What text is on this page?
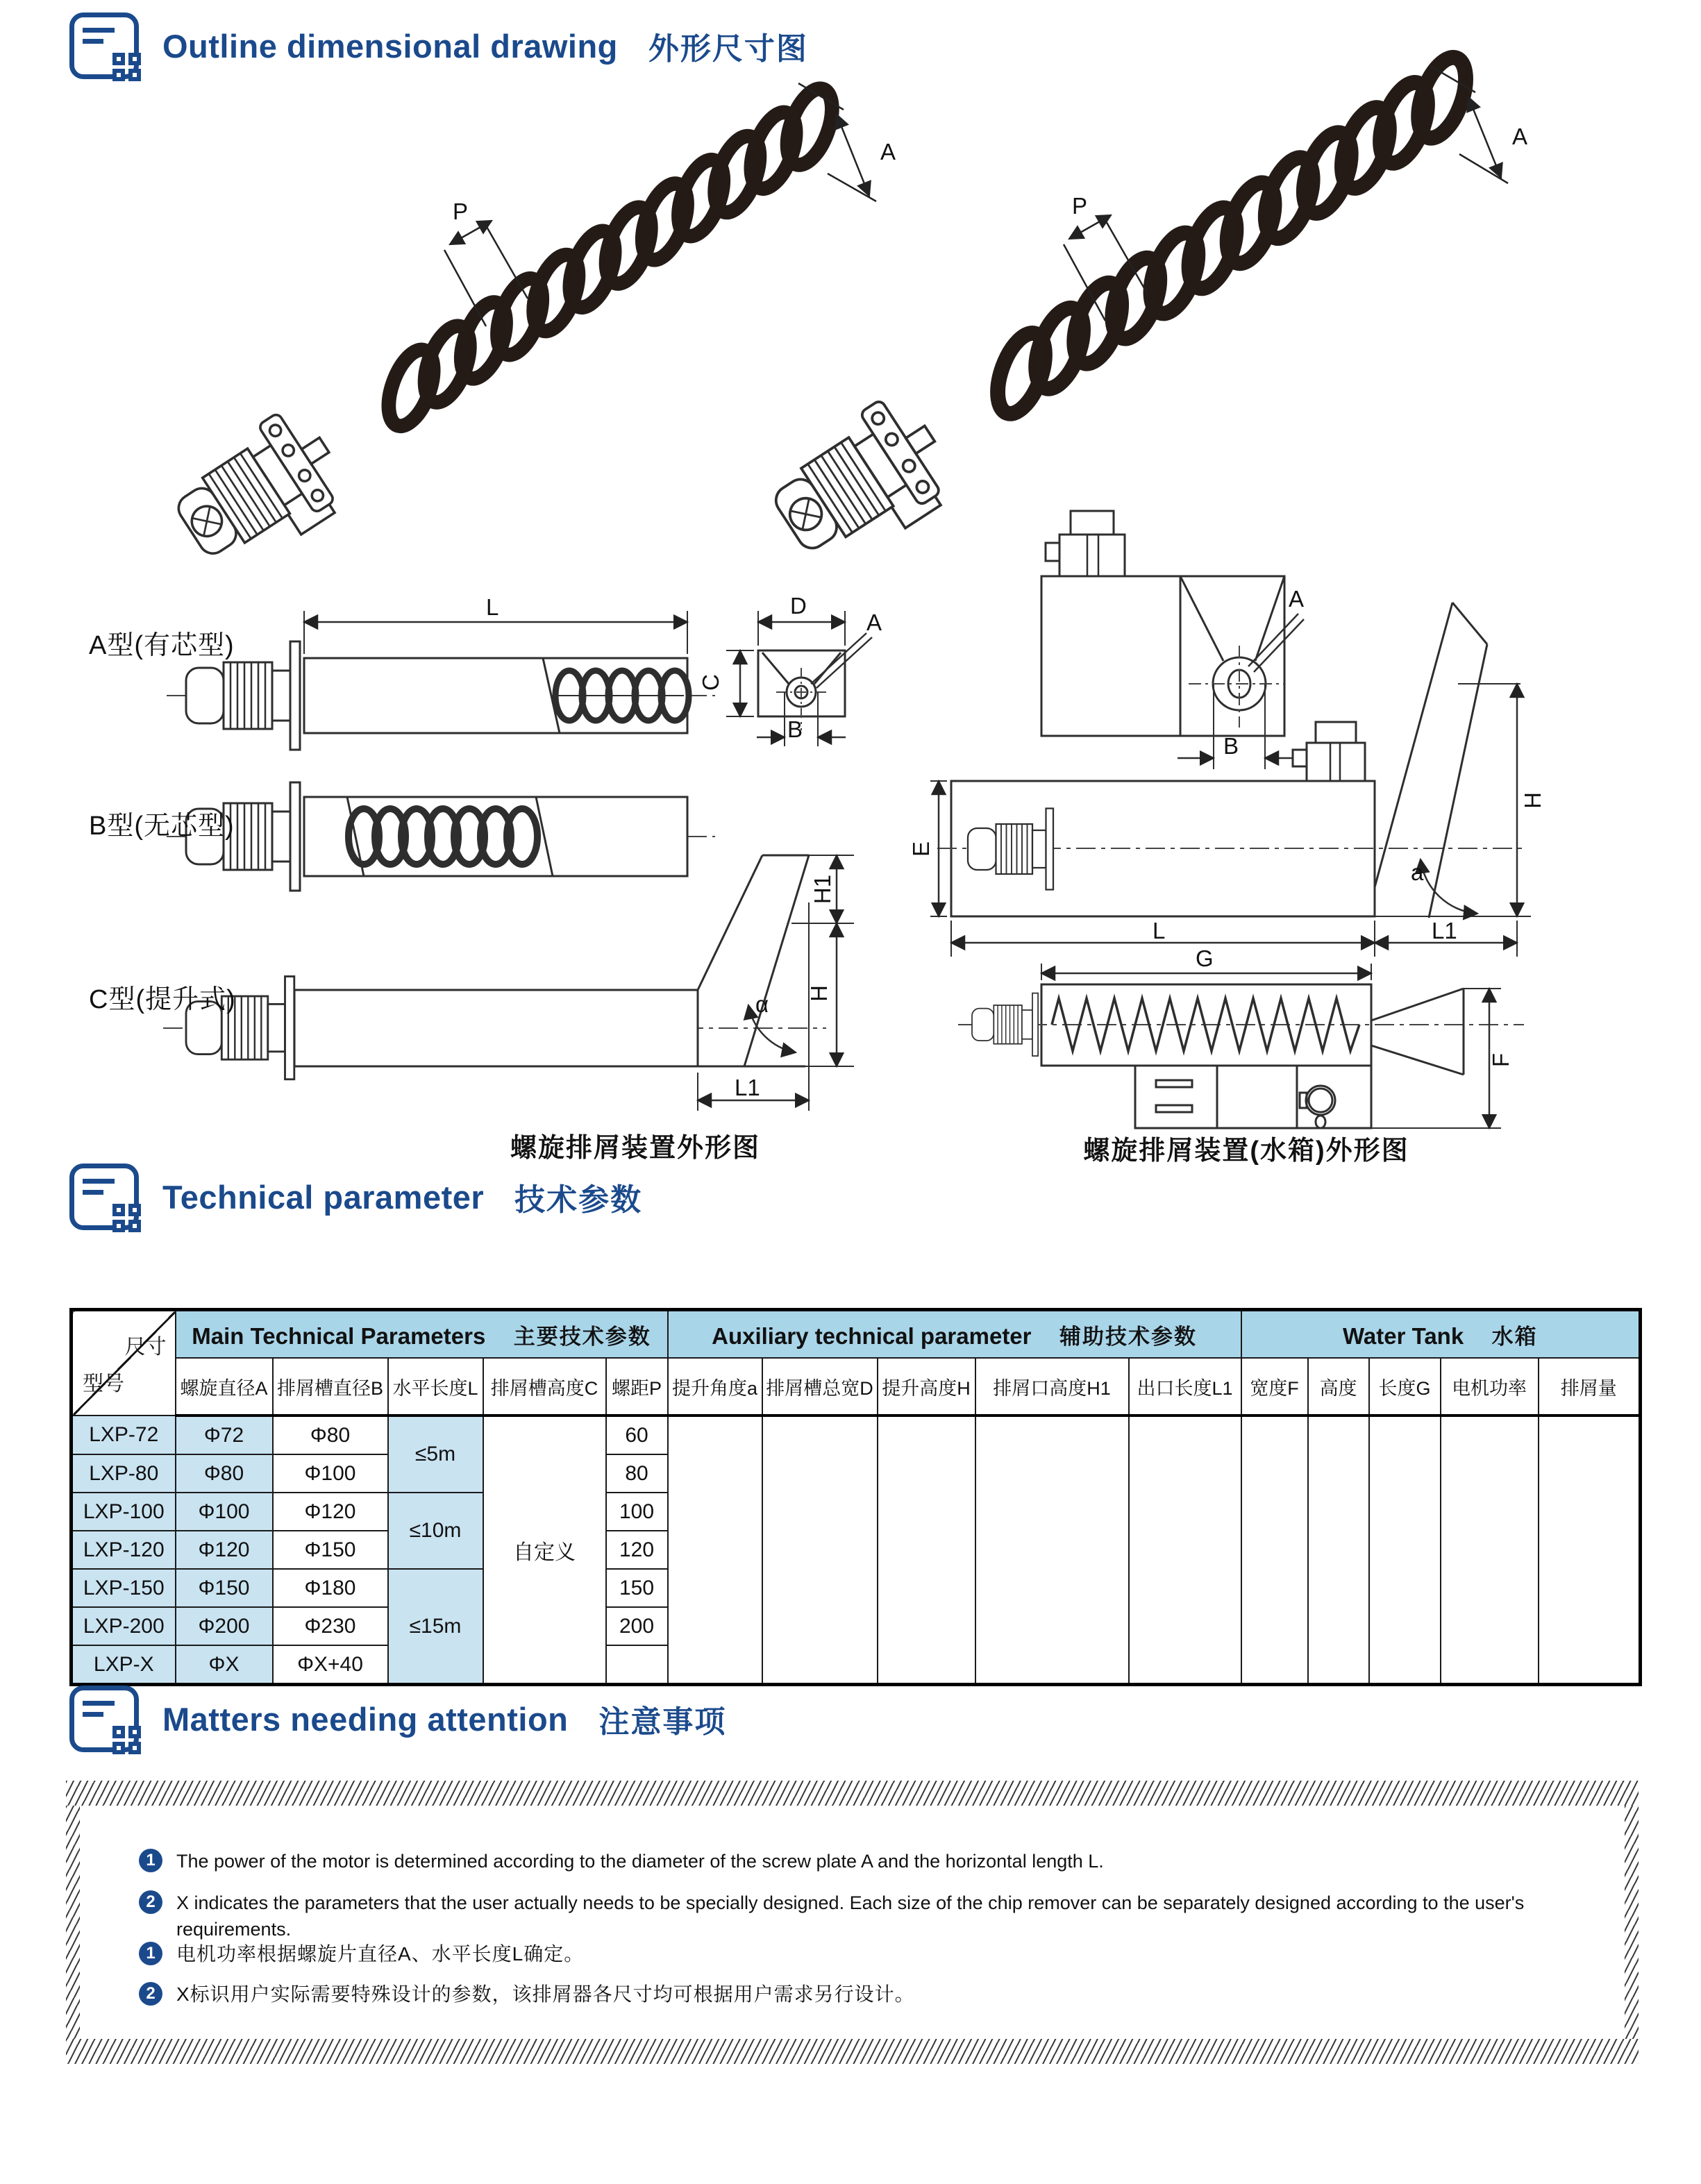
Outline dimensional drawing 外形尺寸图
A型(有芯型)
B型(无芯型)
C型(提升式)
螺旋排屑装置外形图	螺旋排屑装置(水箱)外形图
P
A
P
A
L	D
A
C
B
H1
H
α
L1
A
B
E
H
a
L	L1
G
F
Technical parameter 技术参数
尺寸
型号	Main Technical Parameters 主要技术参数					Auxiliary technical parameter 辅助技术参数					Water Tank 水箱				
	螺旋直径A	排屑槽直径B	水平长度L	排屑槽高度C	螺距P	提升角度a	排屑槽总宽D	提升高度H	排屑口高度H1	出口长度L1	宽度F	高度	长度G	电机功率	排屑量
LXP-72	Φ72	Φ80	≤5m	自定义	60										
LXP-80	Φ80	Φ100			80										
LXP-100	Φ100	Φ120	≤10m		100										
LXP-120	Φ120	Φ150			120										
LXP-150	Φ150	Φ180	≤15m		150										
LXP-200	Φ200	Φ230			200										
LXP-X	ΦX	ΦX+40													
Matters needing attention 注意事项
1	The power of the motor is determined according to the diameter of the screw plate A and the horizontal length L.
2	X indicates the parameters that the user actually needs to be specially designed. Each size of the chip remover can be separately designed according to the user's requirements.
1	电机功率根据螺旋片直径A、水平长度L确定。
2	X标识用户实际需要特殊设计的参数，该排屑器各尺寸均可根据用户需求另行设计。
